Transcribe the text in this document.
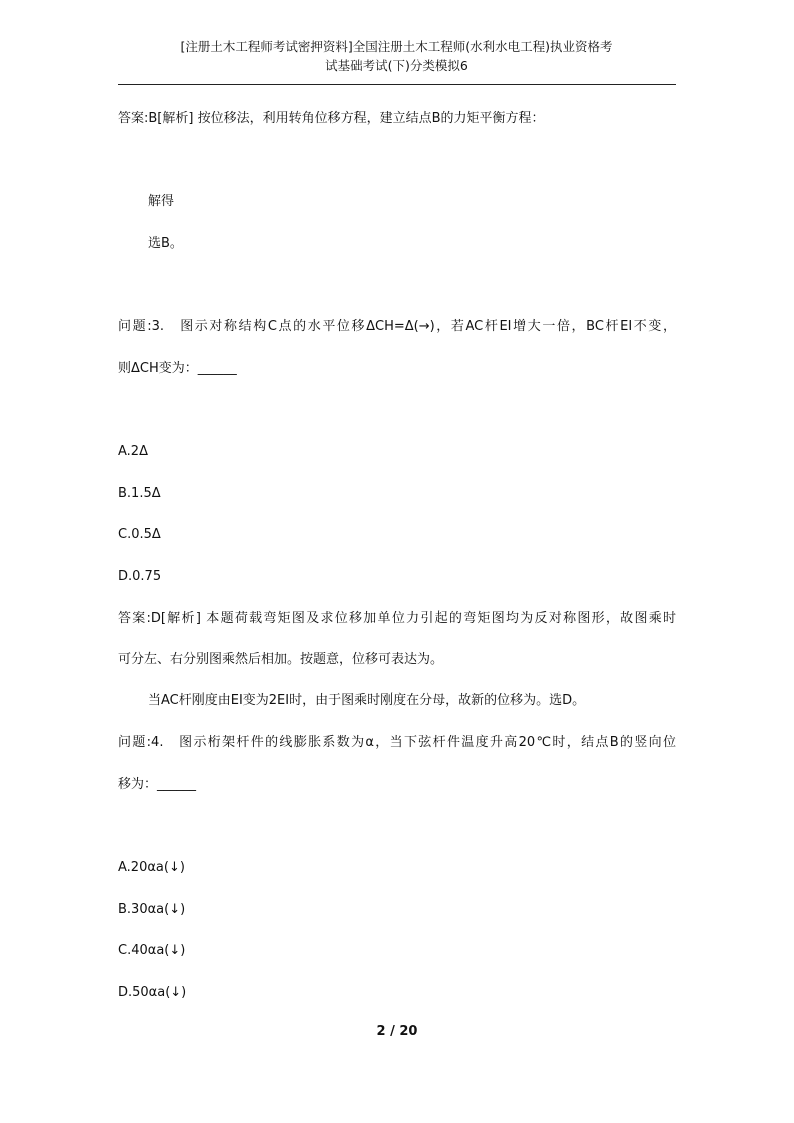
[注册土木工程师考试密押资料]全国注册土木工程师(水利水电工程)执业资格考
试基础考试(下)分类模拟6
答案:B[解析] 按位移法，利用转角位移方程，建立结点B的力矩平衡方程：
解得
选B。
问题:3.　图示对称结构C点的水平位移ΔCH=Δ(→)，若AC杆EI增大一倍，BC杆EI不变，
则ΔCH变为：______
A.2Δ
B.1.5Δ
C.0.5Δ
D.0.75
答案:D[解析] 本题荷载弯矩图及求位移加单位力引起的弯矩图均为反对称图形，故图乘时
可分左、右分别图乘然后相加。按题意，位移可表达为。
当AC杆刚度由EI变为2EI时，由于图乘时刚度在分母，故新的位移为。选D。
问题:4.　图示桁架杆件的线膨胀系数为α，当下弦杆件温度升高20℃时，结点B的竖向位
移为：______
A.20αa(↓)
B.30αa(↓)
C.40αa(↓)
D.50αa(↓)
2 / 20
